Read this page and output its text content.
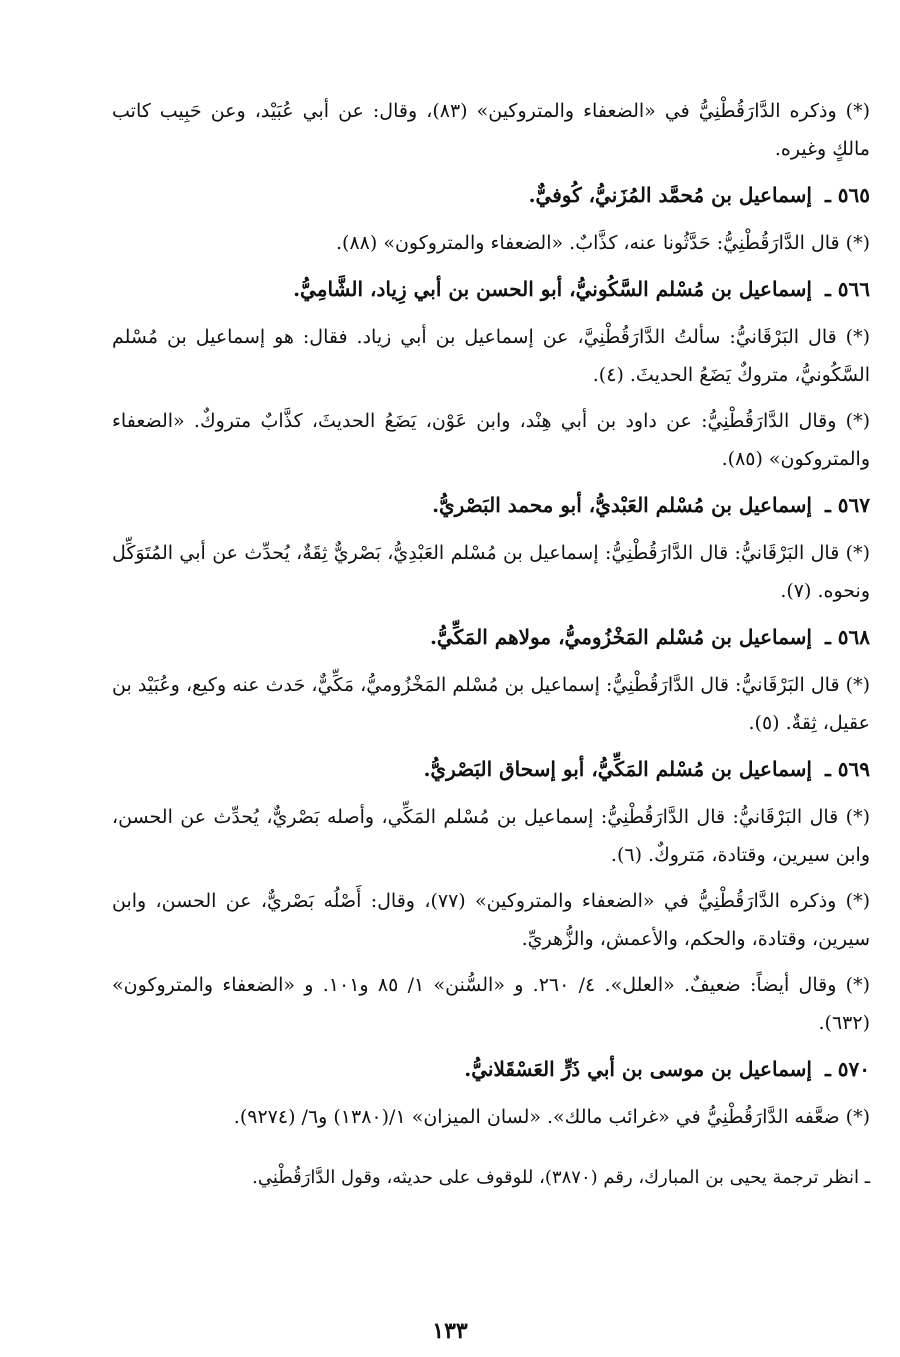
(*) وذكره الدَّارَقُطْنِيُّ في «الضعفاء والمتروكين» (٨٣)، وقال: عن أبي عُبَيْد، وعن حَبِيب كاتب مالكٍ وغيره.

٥٦٥ ـ إسماعيل بن مُحمَّد المُزَنيُّ، كُوفيٌّ.

(*) قال الدَّارَقُطْنِيُّ: حَدَّثُونا عنه، كذَّابٌ. «الضعفاء والمتروكون» (٨٨).

٥٦٦ ـ إسماعيل بن مُسْلم السَّكُونيُّ، أبو الحسن بن أبي زِياد، الشَّامِيُّ.

(*) قال البَرْقَانيُّ: سألتُ الدَّارَقُطْنِيَّ، عن إسماعيل بن أبي زياد. فقال: هو إسماعيل بن مُسْلم السَّكُونيُّ، متروكٌ يَضَعُ الحديثَ. (٤).

(*) وقال الدَّارَقُطْنِيُّ: عن داود بن أبي هِنْد، وابن عَوْن، يَضَعُ الحديثَ، كذَّابٌ متروكٌ. «الضعفاء والمتروكون» (٨٥).

٥٦٧ ـ إسماعيل بن مُسْلم العَبْديُّ، أبو محمد البَصْريُّ.

(*) قال البَرْقَانيُّ: قال الدَّارَقُطْنِيُّ: إسماعيل بن مُسْلم العَبْدِيُّ، بَصْريٌّ ثِقَةٌ، يُحدِّث عن أبي المُتَوَكِّل ونحوه. (٧).

٥٦٨ ـ إسماعيل بن مُسْلم المَخْزُوميُّ، مولاهم المَكِّيُّ.

(*) قال البَرْقَانيُّ: قال الدَّارَقُطْنِيُّ: إسماعيل بن مُسْلم المَخْزُوميُّ، مَكِّيٌّ، حَدث عنه وكيع، وعُبَيْد بن عقيل، ثِقةٌ. (٥).

٥٦٩ ـ إسماعيل بن مُسْلم المَكِّيُّ، أبو إسحاق البَصْريُّ.

(*) قال البَرْقَانيُّ: قال الدَّارَقُطْنِيُّ: إسماعيل بن مُسْلم المَكِّي، وأصله بَصْريٌّ، يُحدِّث عن الحسن، وابن سيرين، وقتادة، مَتروكٌ. (٦).

(*) وذكره الدَّارَقُطْنِيُّ في «الضعفاء والمتروكين» (٧٧)، وقال: أَصْلُه بَصْريٌّ، عن الحسن، وابن سيرين، وقتادة، والحكم، والأعمش، والزُّهريِّ.

(*) وقال أيضاً: ضعيفٌ. «العلل». ٤/ ٢٦٠. و «السُّنن» ١/ ٨٥ و١٠١. و «الضعفاء والمتروكون» (٦٣٢).

٥٧٠ ـ إسماعيل بن موسى بن أبي ذَرٍّ العَسْقَلانيُّ.

(*) ضعَّفه الدَّارَقُطْنِيُّ في «غرائب مالك». «لسان الميزان» ١/(١٣٨٠) و٦/ (٩٢٧٤).

ـ انظر ترجمة يحيى بن المبارك، رقم (٣٨٧٠)، للوقوف على حديثه، وقول الدَّارَقُطْنِي.

١٣٣
